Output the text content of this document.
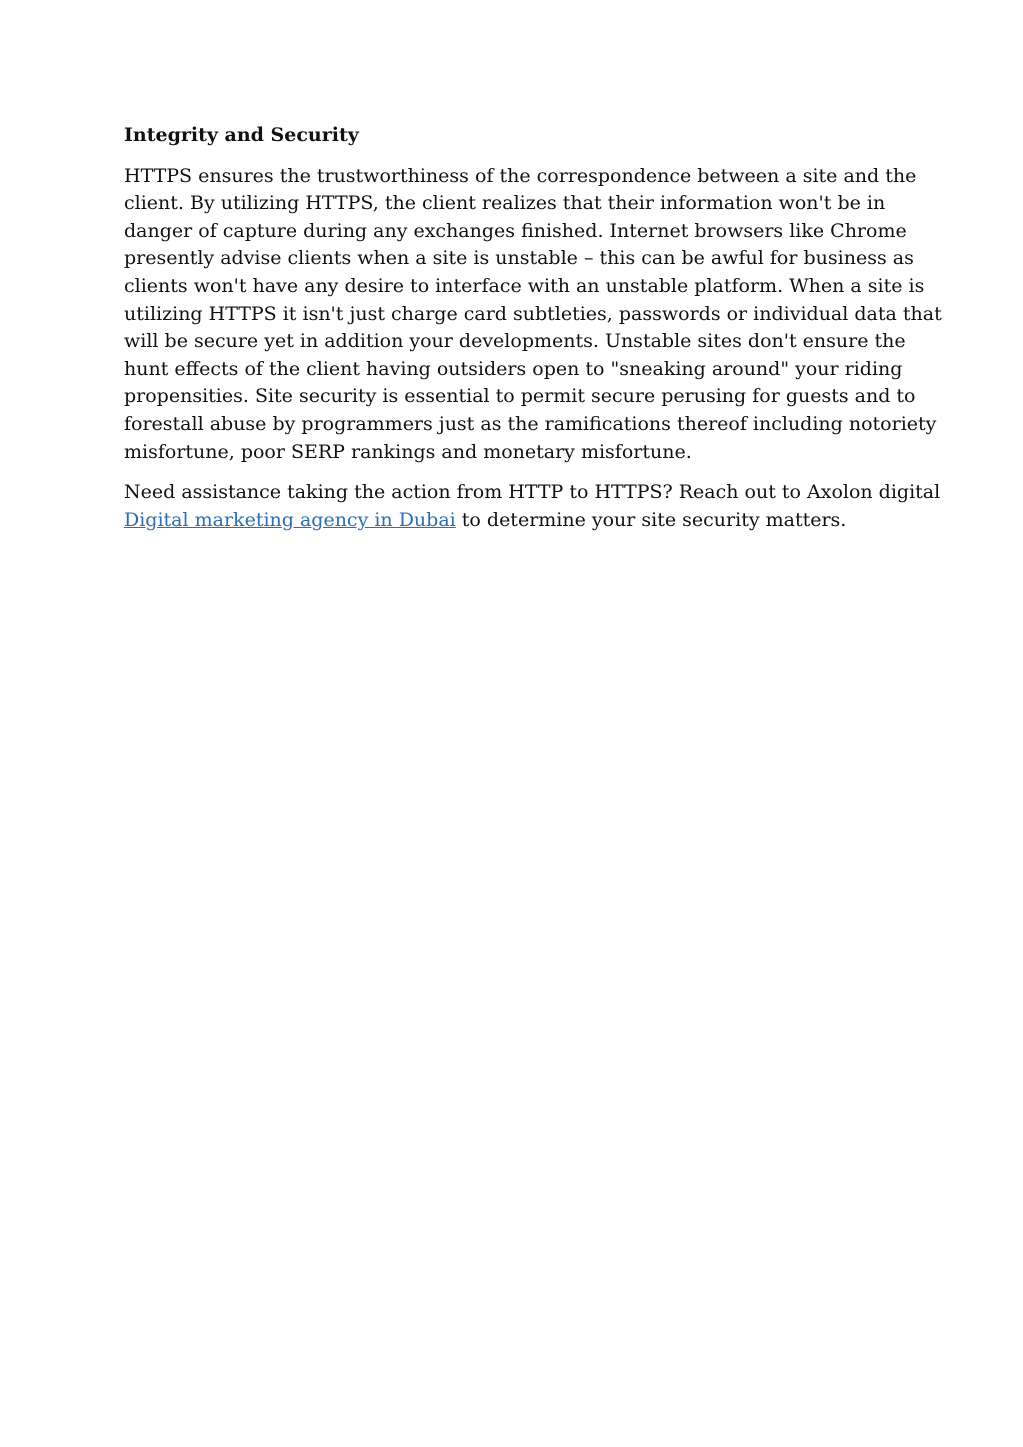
Integrity and Security

HTTPS ensures the trustworthiness of the correspondence between a site and the
client. By utilizing HTTPS, the client realizes that their information won't be in
danger of capture during any exchanges finished. Internet browsers like Chrome
presently advise clients when a site is unstable – this can be awful for business as
clients won't have any desire to interface with an unstable platform. When a site is
utilizing HTTPS it isn't just charge card subtleties, passwords or individual data that
will be secure yet in addition your developments. Unstable sites don't ensure the
hunt effects of the client having outsiders open to "sneaking around" your riding
propensities. Site security is essential to permit secure perusing for guests and to
forestall abuse by programmers just as the ramifications thereof including notoriety
misfortune, poor SERP rankings and monetary misfortune.

Need assistance taking the action from HTTP to HTTPS? Reach out to Axolon digital
Digital marketing agency in Dubai to determine your site security matters.
